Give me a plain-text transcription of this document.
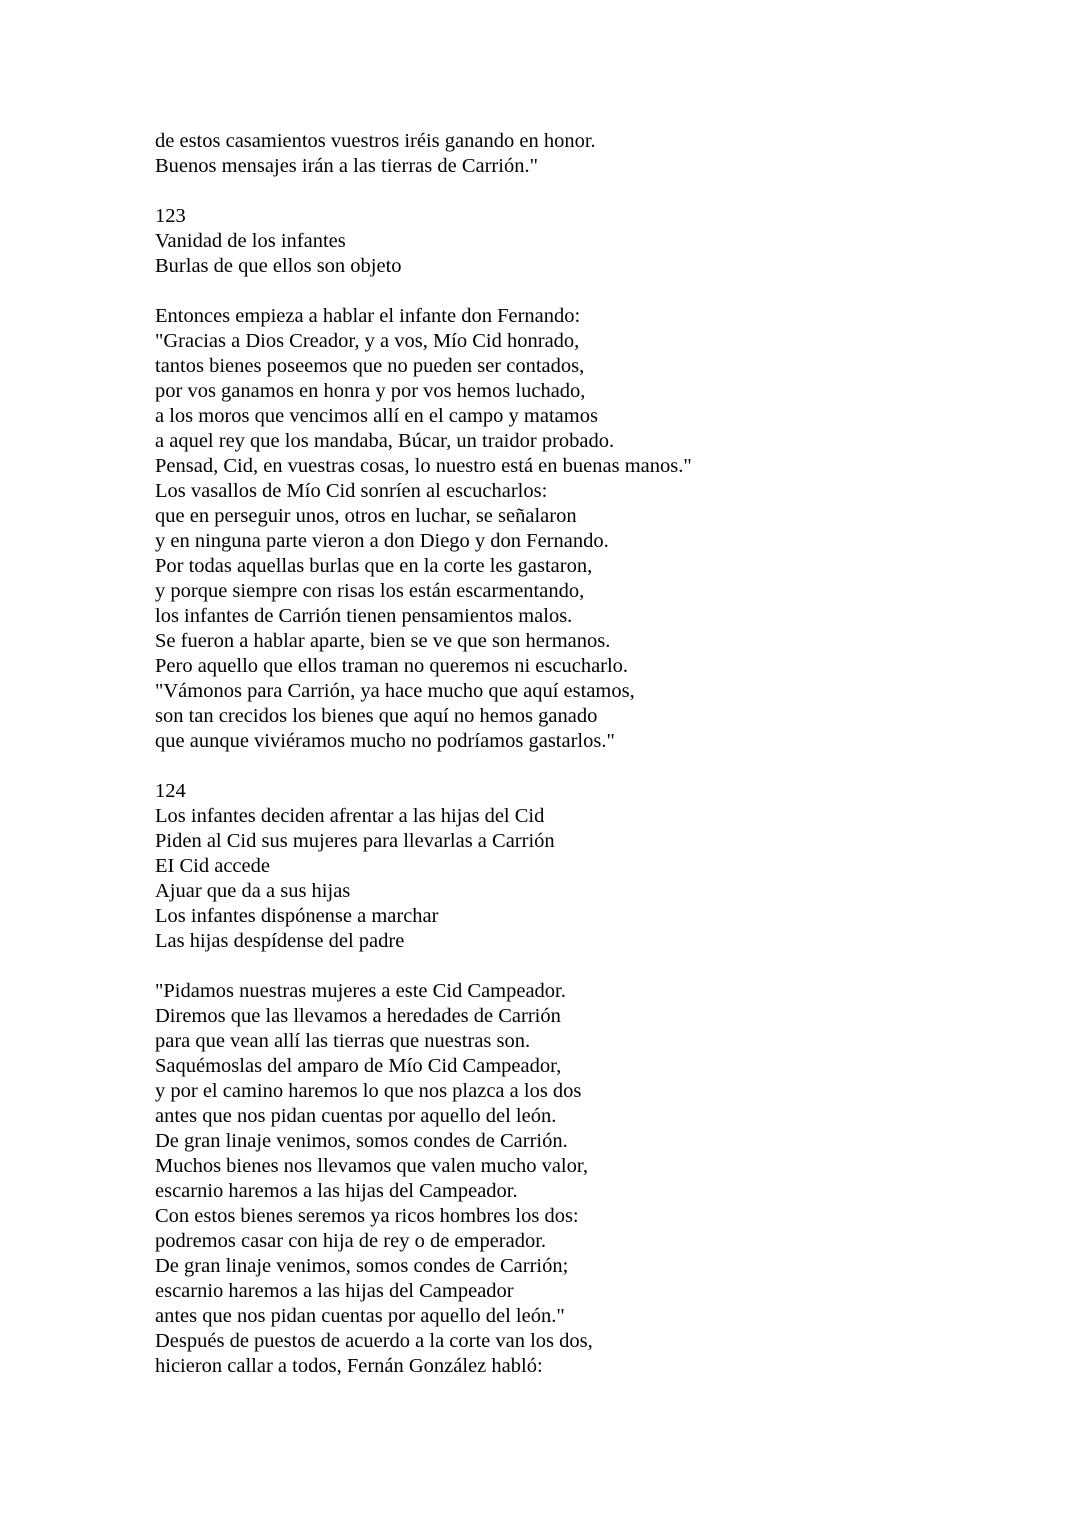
de estos casamientos vuestros iréis ganando en honor.
Buenos mensajes irán a las tierras de Carrión."
123
Vanidad de los infantes
Burlas de que ellos son objeto
Entonces empieza a hablar el infante don Fernando:
"Gracias a Dios Creador, y a vos, Mío Cid honrado,
tantos bienes poseemos que no pueden ser contados,
por vos ganamos en honra y por vos hemos luchado,
a los moros que vencimos allí en el campo y matamos
a aquel rey que los mandaba, Búcar, un traidor probado.
Pensad, Cid, en vuestras cosas, lo nuestro está en buenas manos."
Los vasallos de Mío Cid sonríen al escucharlos:
que en perseguir unos, otros en luchar, se señalaron
y en ninguna parte vieron a don Diego y don Fernando.
Por todas aquellas burlas que en la corte les gastaron,
y porque siempre con risas los están escarmentando,
los infantes de Carrión tienen pensamientos malos.
Se fueron a hablar aparte, bien se ve que son hermanos.
Pero aquello que ellos traman no queremos ni escucharlo.
"Vámonos para Carrión, ya hace mucho que aquí estamos,
son tan crecidos los bienes que aquí no hemos ganado
que aunque viviéramos mucho no podríamos gastarlos."
124
Los infantes deciden afrentar a las hijas del Cid
Piden al Cid sus mujeres para llevarlas a Carrión
EI Cid accede
Ajuar que da a sus hijas
Los infantes dispónense a marchar
Las hijas despídense del padre
"Pidamos nuestras mujeres a este Cid Campeador.
Diremos que las llevamos a heredades de Carrión
para que vean allí las tierras que nuestras son.
Saquémoslas del amparo de Mío Cid Campeador,
y por el camino haremos lo que nos plazca a los dos
antes que nos pidan cuentas por aquello del león.
De gran linaje venimos, somos condes de Carrión.
Muchos bienes nos llevamos que valen mucho valor,
escarnio haremos a las hijas del Campeador.
Con estos bienes seremos ya ricos hombres los dos:
podremos casar con hija de rey o de emperador.
De gran linaje venimos, somos condes de Carrión;
escarnio haremos a las hijas del Campeador
antes que nos pidan cuentas por aquello del león."
Después de puestos de acuerdo a la corte van los dos,
hicieron callar a todos, Fernán González habló:
